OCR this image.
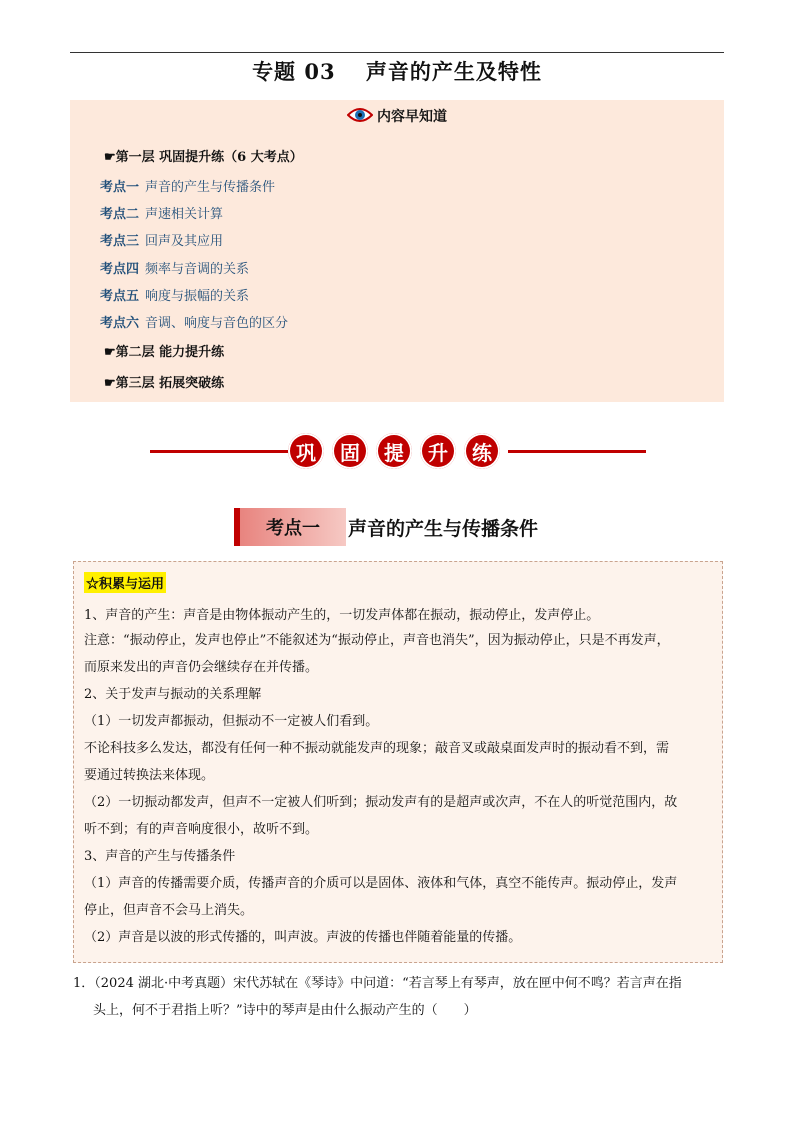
专题 03　 声音的产生及特性
内容早知道
☛第一层 巩固提升练（6 大考点）
考点一 声音的产生与传播条件
考点二 声速相关计算
考点三 回声及其应用
考点四 频率与音调的关系
考点五 响度与振幅的关系
考点六 音调、响度与音色的区分
☛第二层 能力提升练
☛第三层 拓展突破练
巩	固	提	升	练
考点一	声音的产生与传播条件
☆积累与运用
1、声音的产生：声音是由物体振动产生的，一切发声体都在振动，振动停止，发声停止。
注意：“振动停止，发声也停止”不能叙述为“振动停止，声音也消失”，因为振动停止，只是不再发声，
而原来发出的声音仍会继续存在并传播。
2、关于发声与振动的关系理解
（1）一切发声都振动，但振动不一定被人们看到。
不论科技多么发达，都没有任何一种不振动就能发声的现象；敲音叉或敲桌面发声时的振动看不到，需
要通过转换法来体现。
（2）一切振动都发声，但声不一定被人们听到；振动发声有的是超声或次声，不在人的听觉范围内，故
听不到；有的声音响度很小，故听不到。
3、声音的产生与传播条件
（1）声音的传播需要介质，传播声音的介质可以是固体、液体和气体，真空不能传声。振动停止，发声
停止，但声音不会马上消失。
（2）声音是以波的形式传播的，叫声波。声波的传播也伴随着能量的传播。
1．（2024 湖北·中考真题）宋代苏轼在《琴诗》中问道：“若言琴上有琴声，放在匣中何不鸣？若言声在指
头上，何不于君指上听？”诗中的琴声是由什么振动产生的（　　）
